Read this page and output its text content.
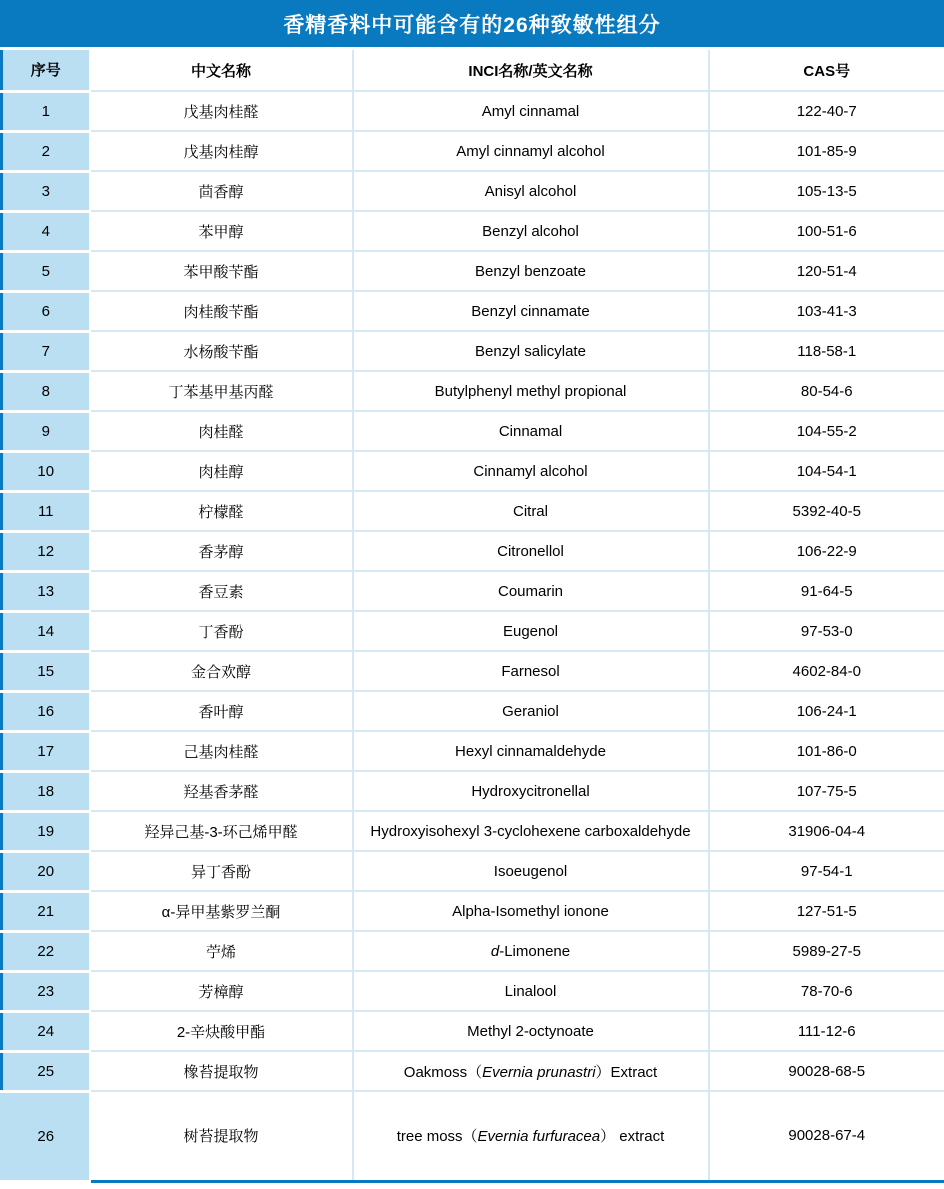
香精香料中可能含有的26种致敏性组分
序号	中文名称	INCI名称/英文名称	CAS号
1	戊基肉桂醛	Amyl cinnamal	122-40-7
2	戊基肉桂醇	Amyl cinnamyl alcohol	101-85-9
3	茴香醇	Anisyl alcohol	105-13-5
4	苯甲醇	Benzyl alcohol	100-51-6
5	苯甲酸苄酯	Benzyl benzoate	120-51-4
6	肉桂酸苄酯	Benzyl cinnamate	103-41-3
7	水杨酸苄酯	Benzyl salicylate	118-58-1
8	丁苯基甲基丙醛	Butylphenyl methyl propional	80-54-6
9	肉桂醛	Cinnamal	104-55-2
10	肉桂醇	Cinnamyl alcohol	104-54-1
11	柠檬醛	Citral	5392-40-5
12	香茅醇	Citronellol	106-22-9
13	香豆素	Coumarin	91-64-5
14	丁香酚	Eugenol	97-53-0
15	金合欢醇	Farnesol	4602-84-0
16	香叶醇	Geraniol	106-24-1
17	己基肉桂醛	Hexyl cinnamaldehyde	101-86-0
18	羟基香茅醛	Hydroxycitronellal	107-75-5
19	羟异己基-3-环己烯甲醛	Hydroxyisohexyl 3-cyclohexene carboxaldehyde	31906-04-4
20	异丁香酚	Isoeugenol	97-54-1
21	α-异甲基紫罗兰酮	Alpha-Isomethyl ionone	127-51-5
22	苧烯	d-Limonene	5989-27-5
23	芳樟醇	Linalool	78-70-6
24	2-辛炔酸甲酯	Methyl 2-octynoate	111-12-6
25	橡苔提取物	Oakmoss（Evernia prunastri）Extract	90028-68-5
26	树苔提取物	tree moss（Evernia furfuracea） extract	90028-67-4
